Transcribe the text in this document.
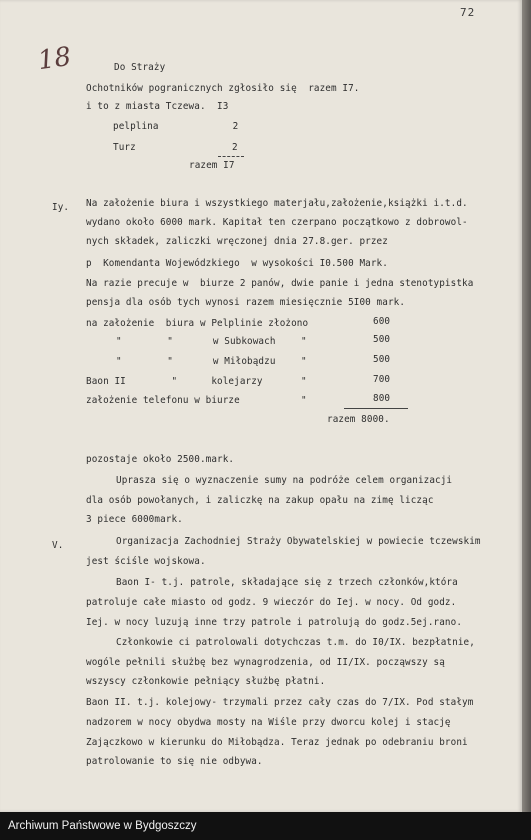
72
18	Do Straży
Ochotników pogranicznych zgłosiło się  razem I7.
i to z miasta Tczewa.  I3
pelplina             2
Turz	2
razem I7
Iy. Na założenie biura i wszystkiego materjału,założenie,książki i.t.d.
wydano około 6000 mark. Kapitał ten czerpano początkowo z dobrowol-
nych składek, zaliczki wręczonej dnia 27.8.ger. przez
p  Komendanta Wojewódzkiego  w wysokości I0.500 Mark.
Na razie precuje w  biurze 2 panów, dwie panie i jedna stenotypistka
pensja dla osób tych wynosi razem miesięcznie 5I00 mark.
na założenie  biura w Pelplinie złożono	600
"        "       w Subkowach	"	500
"        "       w Miłobądzu	"	500
Baon II        "      kolejarzy	"	700
założenie telefonu w biurze	"	800
razem 8000.
pozostaje około 2500.mark.
Uprasza się o wyznaczenie sumy na podróże celem organizacji
dla osób powołanych, i zaliczkę na zakup opału na zimę licząc
3 piece 6000mark.
V.	Organizacja Zachodniej Straży Obywatelskiej w powiecie tczewskim
jest ściśle wojskowa.
Baon I- t.j. patrole, składające się z trzech członków,która
patroluje całe miasto od godz. 9 wieczór do Iej. w nocy. Od godz.
Iej. w nocy luzują inne trzy patrole i patrolują do godz.5ej.rano.
Członkowie ci patrolowali dotychczas t.m. do I0/IX. bezpłatnie,
wogóle pełnili służbę bez wynagrodzenia, od II/IX. począwszy są
wszyscy członkowie pełniący służbę płatni.
Baon II. t.j. kolejowy- trzymali przez cały czas do 7/IX. Pod stałym
nadzorem w nocy obydwa mosty na Wiśle przy dworcu kolej i stację
Zajączkowo w kierunku do Miłobądza. Teraz jednak po odebraniu broni
patrolowanie to się nie odbywa.
Archiwum Państwowe w Bydgoszczy
